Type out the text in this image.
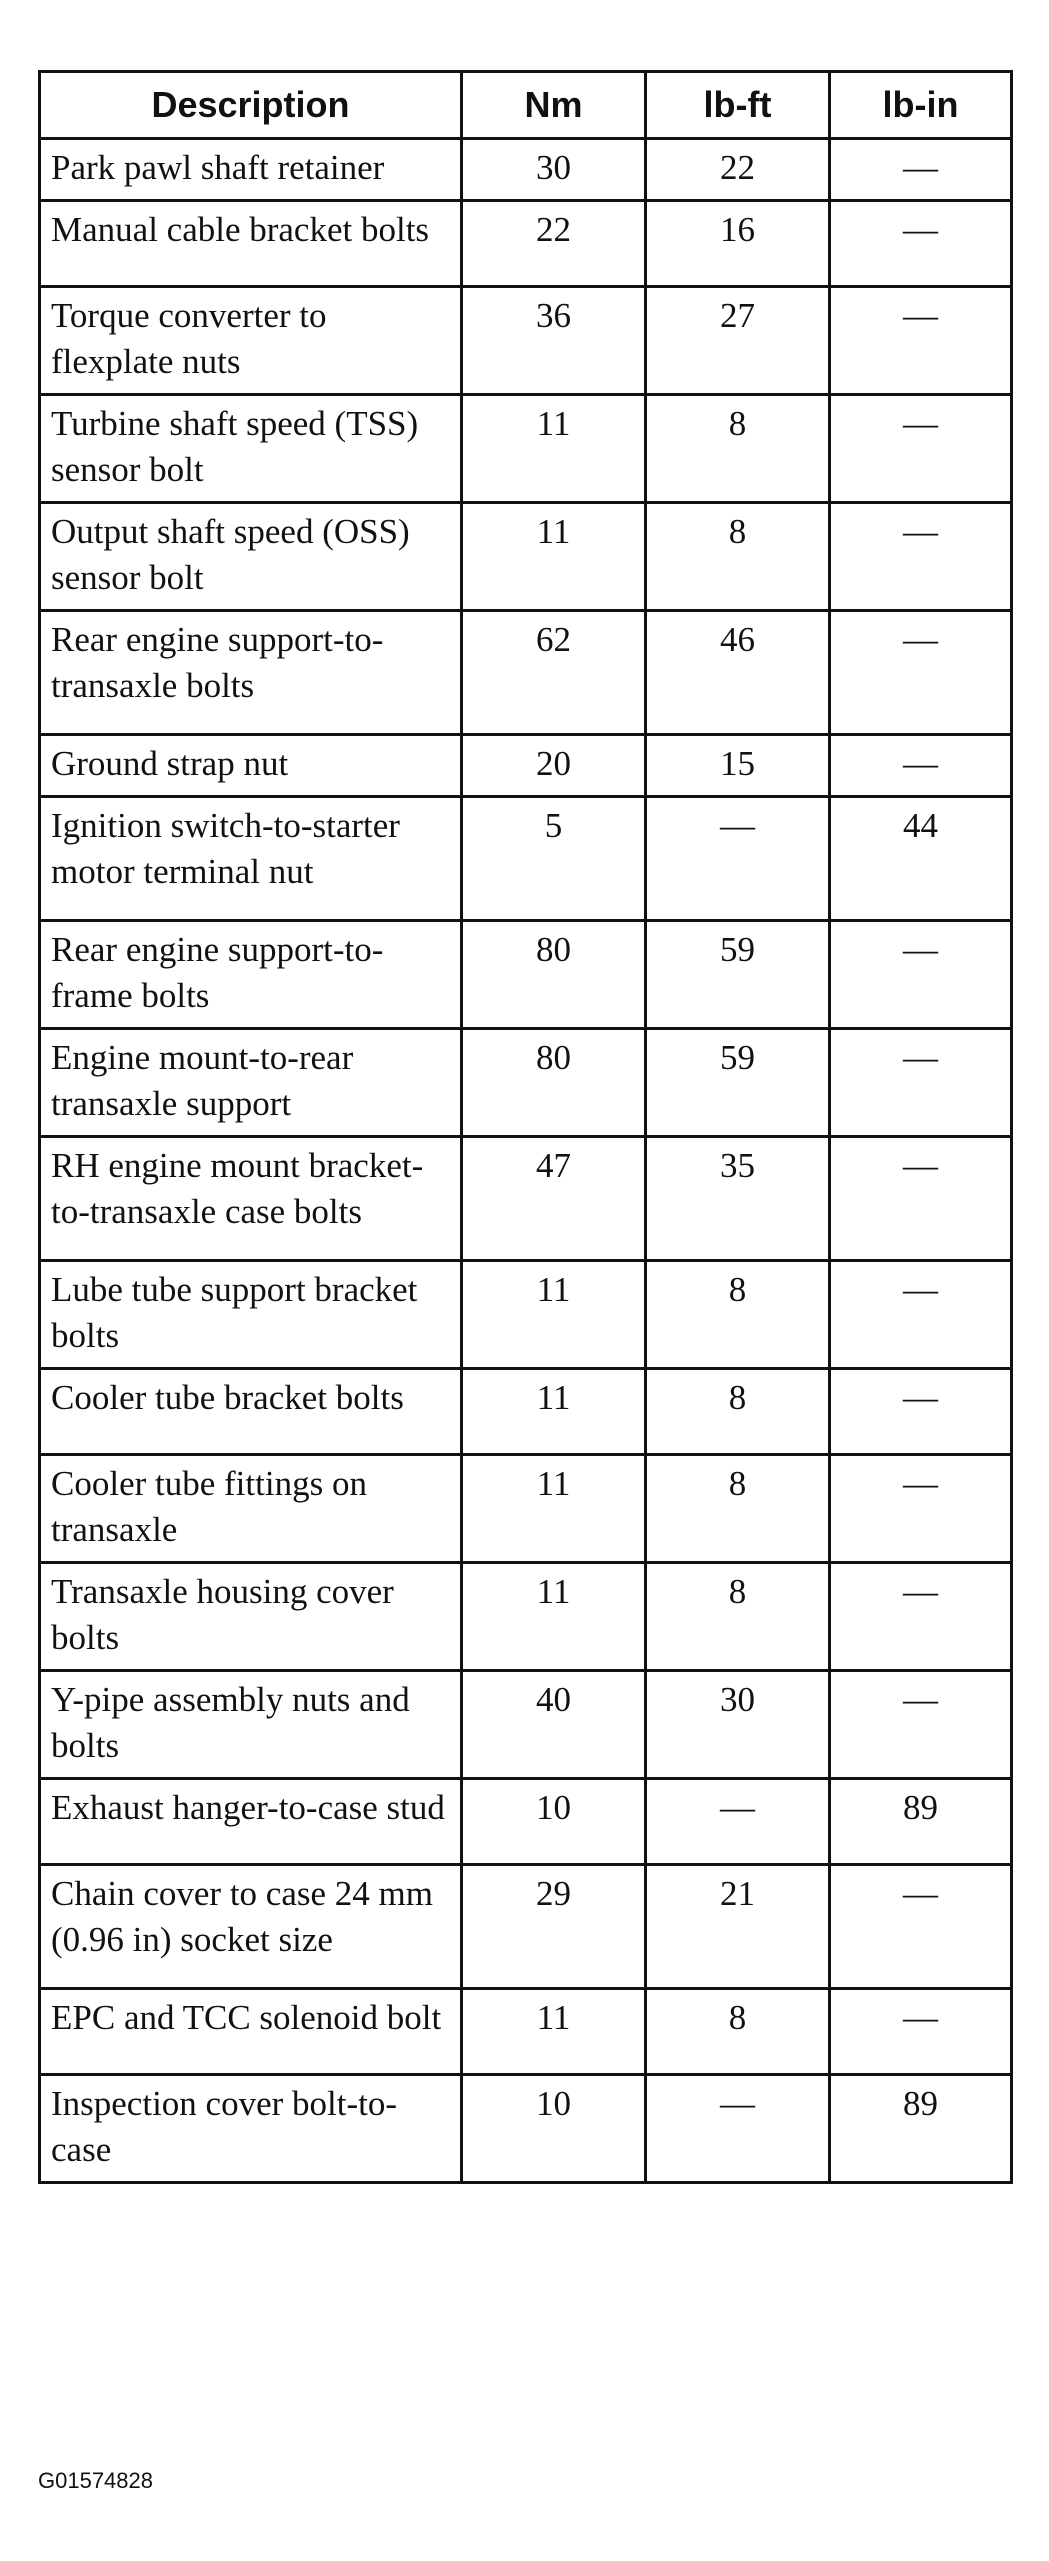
Description	Nm	lb-ft	lb-in
Park pawl shaft retainer	30	22	—
Manual cable bracket bolts	22	16	—
Torque converter to flexplate nuts	36	27	—
Turbine shaft speed (TSS) sensor bolt	11	8	—
Output shaft speed (OSS) sensor bolt	11	8	—
Rear engine support-to-transaxle bolts	62	46	—
Ground strap nut	20	15	—
Ignition switch-to-starter motor terminal nut	5	—	44
Rear engine support-to-frame bolts	80	59	—
Engine mount-to-rear transaxle support	80	59	—
RH engine mount bracket-to-transaxle case bolts	47	35	—
Lube tube support bracket bolts	11	8	—
Cooler tube bracket bolts	11	8	—
Cooler tube fittings on transaxle	11	8	—
Transaxle housing cover bolts	11	8	—
Y-pipe assembly nuts and bolts	40	30	—
Exhaust hanger-to-case stud	10	—	89
Chain cover to case 24 mm (0.96 in) socket size	29	21	—
EPC and TCC solenoid bolt	11	8	—
Inspection cover bolt-to-case	10	—	89
G01574828
